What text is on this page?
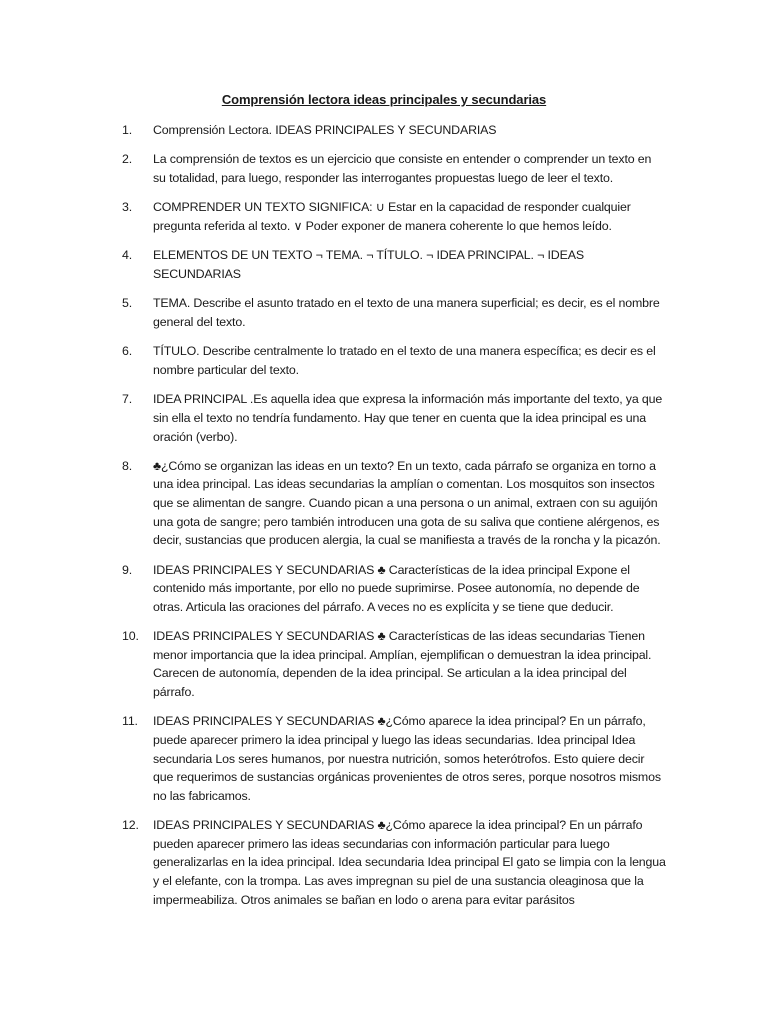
Comprensión lectora ideas principales y secundarias
1.	Comprensión Lectora. IDEAS PRINCIPALES Y SECUNDARIAS
2.	La comprensión de textos es un ejercicio que consiste en entender o comprender un texto en su totalidad, para luego, responder las interrogantes propuestas luego de leer el texto.
3.	COMPRENDER UN TEXTO SIGNIFICA: ∪ Estar en la capacidad de responder cualquier pregunta referida al texto. ∨ Poder exponer de manera coherente lo que hemos leído.
4.	ELEMENTOS DE UN TEXTO ¬ TEMA. ¬ TÍTULO. ¬ IDEA PRINCIPAL. ¬ IDEAS SECUNDARIAS
5.	TEMA. Describe el asunto tratado en el texto de una manera superficial; es decir, es el nombre general del texto.
6.	TÍTULO. Describe centralmente lo tratado en el texto de una manera específica; es decir es el nombre particular del texto.
7.	IDEA PRINCIPAL .Es aquella idea que expresa la información más importante del texto, ya que sin ella el texto no tendría fundamento. Hay que tener en cuenta que la idea principal es una oración (verbo).
8.	♣¿Cómo se organizan las ideas en un texto? En un texto, cada párrafo se organiza en torno a una idea principal. Las ideas secundarias la amplían o comentan. Los mosquitos son insectos que se alimentan de sangre. Cuando pican a una persona o un animal, extraen con su aguijón una gota de sangre; pero también introducen una gota de su saliva que contiene alérgenos, es decir, sustancias que producen alergia, la cual se manifiesta a través de la roncha y la picazón.
9.	IDEAS PRINCIPALES Y SECUNDARIAS ♣ Características de la idea principal Expone el contenido más importante, por ello no puede suprimirse. Posee autonomía, no depende de otras. Articula las oraciones del párrafo. A veces no es explícita y se tiene que deducir.
10.	IDEAS PRINCIPALES Y SECUNDARIAS ♣ Características de las ideas secundarias Tienen menor importancia que la idea principal. Amplían, ejemplifican o demuestran la idea principal. Carecen de autonomía, dependen de la idea principal. Se articulan a la idea principal del párrafo.
11.	IDEAS PRINCIPALES Y SECUNDARIAS ♣¿Cómo aparece la idea principal? En un párrafo, puede aparecer primero la idea principal y luego las ideas secundarias. Idea principal Idea secundaria Los seres humanos, por nuestra nutrición, somos heterótrofos. Esto quiere decir que requerimos de sustancias orgánicas provenientes de otros seres, porque nosotros mismos no las fabricamos.
12.	IDEAS PRINCIPALES Y SECUNDARIAS ♣¿Cómo aparece la idea principal? En un párrafo pueden aparecer primero las ideas secundarias con información particular para luego generalizarlas en la idea principal. Idea secundaria Idea principal El gato se limpia con la lengua y el elefante, con la trompa. Las aves impregnan su piel de una sustancia oleaginosa que la impermeabiliza. Otros animales se bañan en lodo o arena para evitar parásitos
